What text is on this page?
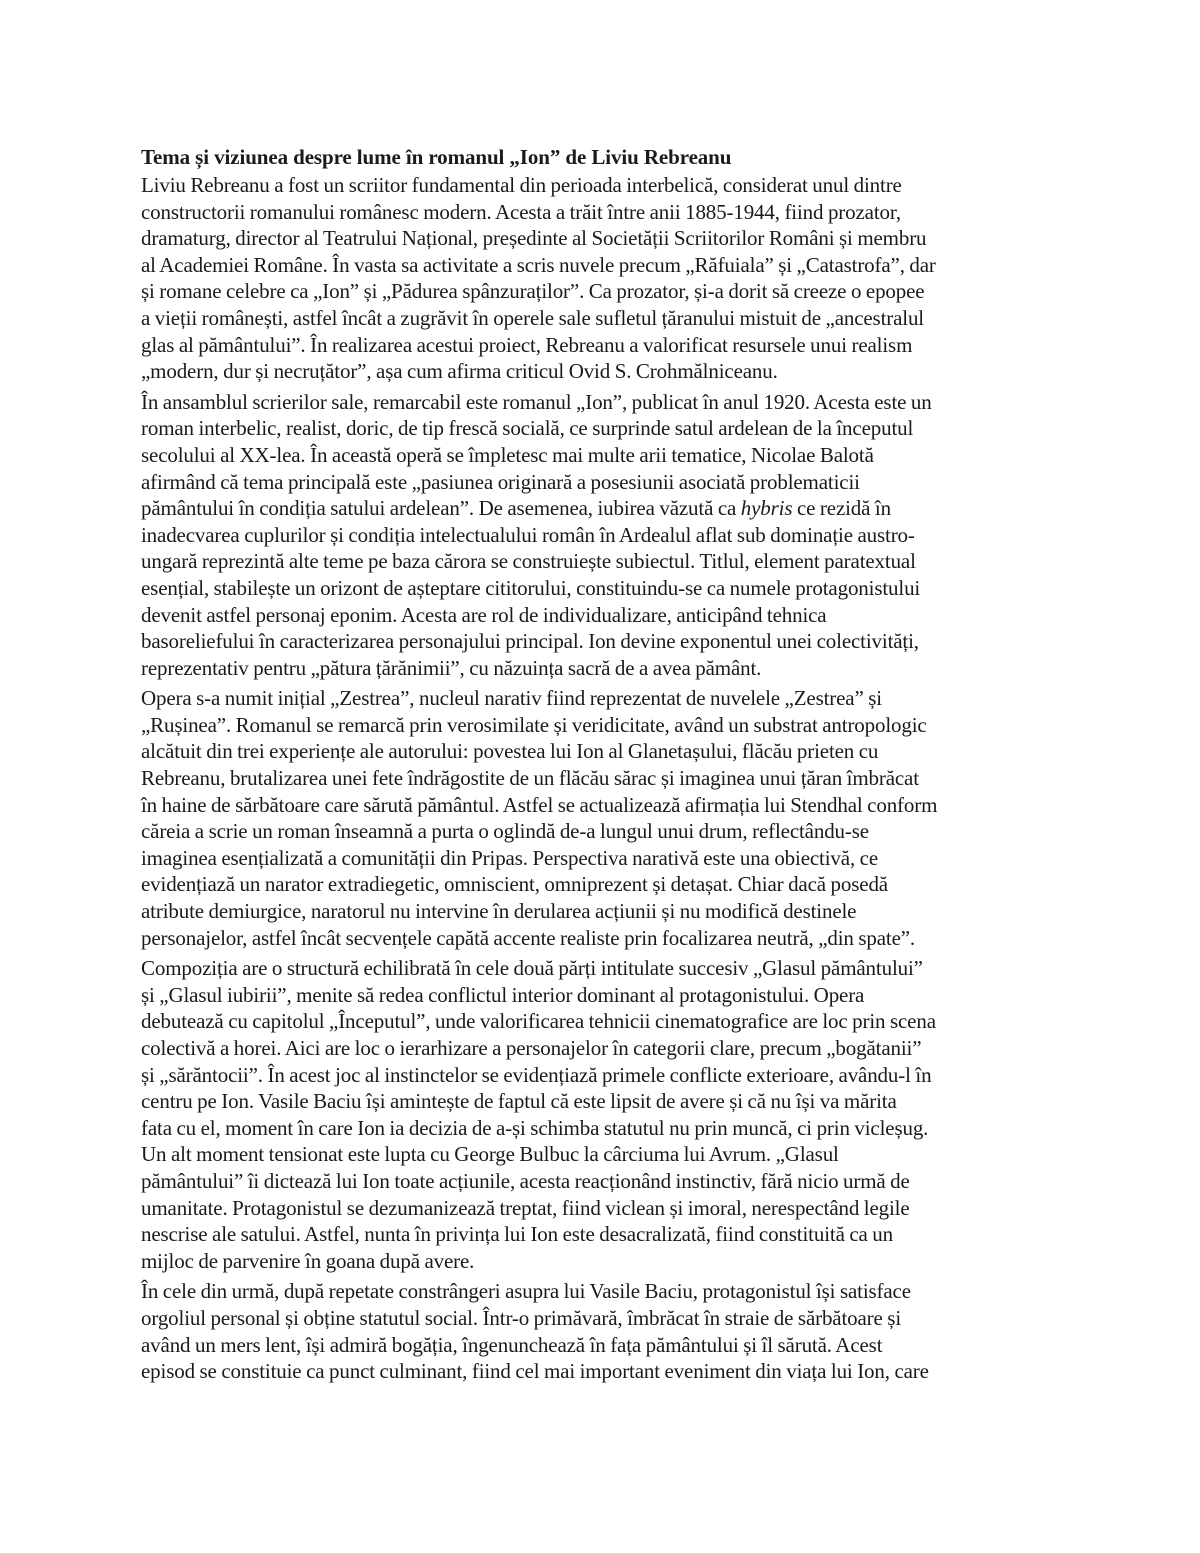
Tema și viziunea despre lume în romanul „Ion” de Liviu Rebreanu
Liviu Rebreanu a fost un scriitor fundamental din perioada interbelică, considerat unul dintre
constructorii romanului românesc modern. Acesta a trăit între anii 1885-1944, fiind prozator,
dramaturg, director al Teatrului Național, președinte al Societății Scriitorilor Români și membru
al Academiei Române. În vasta sa activitate a scris nuvele precum „Răfuiala” și „Catastrofa”, dar
și romane celebre ca „Ion” și „Pădurea spânzuraților”. Ca prozator, și-a dorit să creeze o epopee
a vieții românești, astfel încât a zugrăvit în operele sale sufletul țăranului mistuit de „ancestralul
glas al pământului”. În realizarea acestui proiect, Rebreanu a valorificat resursele unui realism
„modern, dur și necruțător”, așa cum afirma criticul Ovid S. Crohmălniceanu.
În ansamblul scrierilor sale, remarcabil este romanul „Ion”, publicat în anul 1920. Acesta este un
roman interbelic, realist, doric, de tip frescă socială, ce surprinde satul ardelean de la începutul
secolului al XX-lea. În această operă se împletesc mai multe arii tematice, Nicolae Balotă
afirmând că tema principală este „pasiunea originară a posesiunii asociată problematicii
pământului în condiția satului ardelean”. De asemenea, iubirea văzută ca hybris ce rezidă în
inadecvarea cuplurilor și condiția intelectualului român în Ardealul aflat sub dominație austro-
ungară reprezintă alte teme pe baza cărora se construiește subiectul. Titlul, element paratextual
esențial, stabilește un orizont de așteptare cititorului, constituindu-se ca numele protagonistului
devenit astfel personaj eponim. Acesta are rol de individualizare, anticipând tehnica
basoreliefului în caracterizarea personajului principal. Ion devine exponentul unei colectivități,
reprezentativ pentru „pătura țărănimii”, cu năzuința sacră de a avea pământ.
Opera s-a numit inițial „Zestrea”, nucleul narativ fiind reprezentat de nuvelele „Zestrea” și
„Rușinea”. Romanul se remarcă prin verosimilate și veridicitate, având un substrat antropologic
alcătuit din trei experiențe ale autorului: povestea lui Ion al Glanetașului, flăcău prieten cu
Rebreanu, brutalizarea unei fete îndrăgostite de un flăcău sărac și imaginea unui țăran îmbrăcat
în haine de sărbătoare care sărută pământul. Astfel se actualizează afirmația lui Stendhal conform
căreia a scrie un roman înseamnă a purta o oglindă de-a lungul unui drum, reflectându-se
imaginea esențializată a comunității din Pripas. Perspectiva narativă este una obiectivă, ce
evidențiază un narator extradiegetic, omniscient, omniprezent și detașat. Chiar dacă posedă
atribute demiurgice, naratorul nu intervine în derularea acțiunii și nu modifică destinele
personajelor, astfel încât secvențele capătă accente realiste prin focalizarea neutră, „din spate”.
Compoziția are o structură echilibrată în cele două părți intitulate succesiv „Glasul pământului”
și „Glasul iubirii”, menite să redea conflictul interior dominant al protagonistului. Opera
debutează cu capitolul „Începutul”, unde valorificarea tehnicii cinematografice are loc prin scena
colectivă a horei. Aici are loc o ierarhizare a personajelor în categorii clare, precum „bogătanii”
și „sărăntocii”. În acest joc al instinctelor se evidențiază primele conflicte exterioare, avându-l în
centru pe Ion. Vasile Baciu își amintește de faptul că este lipsit de avere și că nu își va mărita
fata cu el, moment în care Ion ia decizia de a-și schimba statutul nu prin muncă, ci prin vicleșug.
Un alt moment tensionat este lupta cu George Bulbuc la cârciuma lui Avrum. „Glasul
pământului” îi dictează lui Ion toate acțiunile, acesta reacționând instinctiv, fără nicio urmă de
umanitate. Protagonistul se dezumanizează treptat, fiind viclean și imoral, nerespectând legile
nescrise ale satului. Astfel, nunta în privința lui Ion este desacralizată, fiind constituită ca un
mijloc de parvenire în goana după avere.
În cele din urmă, după repetate constrângeri asupra lui Vasile Baciu, protagonistul își satisface
orgoliul personal și obține statutul social. Într-o primăvară, îmbrăcat în straie de sărbătoare și
având un mers lent, își admiră bogăția, îngenunchează în fața pământului și îl sărută. Acest
episod se constituie ca punct culminant, fiind cel mai important eveniment din viața lui Ion, care
